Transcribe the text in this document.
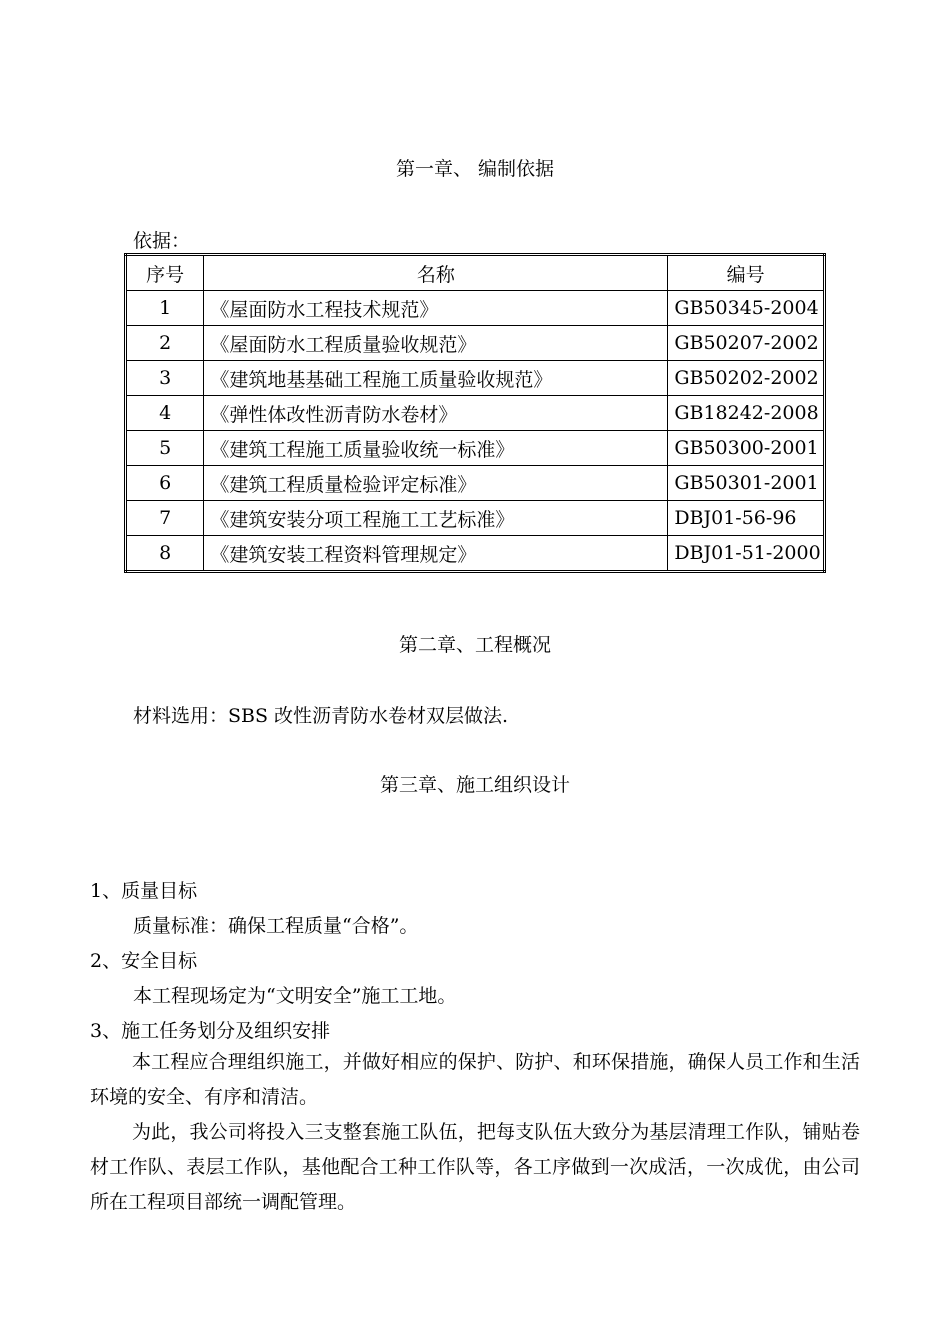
第一章、 编制依据
依据：
序号	名称	编号
1	《屋面防水工程技术规范》	GB50345-2004
2	《屋面防水工程质量验收规范》	GB50207-2002
3	《建筑地基基础工程施工质量验收规范》	GB50202-2002
4	《弹性体改性沥青防水卷材》	GB18242-2008
5	《建筑工程施工质量验收统一标准》	GB50300-2001
6	《建筑工程质量检验评定标准》	GB50301-2001
7	《建筑安装分项工程施工工艺标准》	DBJ01-56-96
8	《建筑安装工程资料管理规定》	DBJ01-51-2000
第二章、工程概况
材料选用：SBS 改性沥青防水卷材双层做法.
第三章、施工组织设计
1、质量目标
质量标准：确保工程质量“合格”。
2、安全目标
本工程现场定为“文明安全”施工工地。
3、施工任务划分及组织安排
本工程应合理组织施工，并做好相应的保护、防护、和环保措施，确保人员工作和生活环境的安全、有序和清洁。
为此，我公司将投入三支整套施工队伍，把每支队伍大致分为基层清理工作队，铺贴卷材工作队、表层工作队，基他配合工种工作队等，各工序做到一次成活，一次成优，由公司所在工程项目部统一调配管理。
